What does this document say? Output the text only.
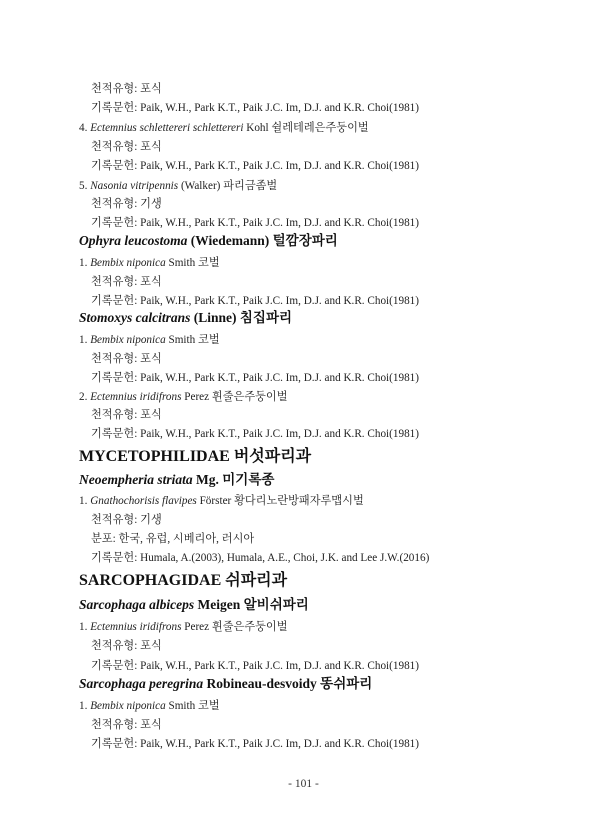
천적유형: 포식
기록문헌: Paik, W.H., Park K.T., Paik J.C. Im, D.J. and K.R. Choi(1981)
4. Ectemnius schlettereri schlettereri Kohl 쉴레테레은주둥이벌
천적유형: 포식
기록문헌: Paik, W.H., Park K.T., Paik J.C. Im, D.J. and K.R. Choi(1981)
5. Nasonia vitripennis (Walker) 파리금좀벌
천적유형: 기생
기록문헌: Paik, W.H., Park K.T., Paik J.C. Im, D.J. and K.R. Choi(1981)
Ophyra leucostoma (Wiedemann) 털깜장파리
1. Bembix niponica Smith 코벌
천적유형: 포식
기록문헌: Paik, W.H., Park K.T., Paik J.C. Im, D.J. and K.R. Choi(1981)
Stomoxys calcitrans (Linne) 침집파리
1. Bembix niponica Smith 코벌
천적유형: 포식
기록문헌: Paik, W.H., Park K.T., Paik J.C. Im, D.J. and K.R. Choi(1981)
2. Ectemnius iridifrons Perez 휜줄은주둥이벌
천적유형: 포식
기록문헌: Paik, W.H., Park K.T., Paik J.C. Im, D.J. and K.R. Choi(1981)
MYCETOPHILIDAE 버섯파리과
Neoempheria striata Mg. 미기록종
1. Gnathochorisis flavipes Förster 황다리노란방패자루맵시벌
천적유형: 기생
분포: 한국, 유럽, 시베리아, 러시아
기록문헌: Humala, A.(2003), Humala, A.E., Choi, J.K. and Lee J.W.(2016)
SARCOPHAGIDAE 쉬파리과
Sarcophaga albiceps Meigen 알비쉬파리
1. Ectemnius iridifrons Perez 휜줄은주둥이벌
천적유형: 포식
기록문헌: Paik, W.H., Park K.T., Paik J.C. Im, D.J. and K.R. Choi(1981)
Sarcophaga peregrina Robineau-desvoidy 똥쉬파리
1. Bembix niponica Smith 코벌
천적유형: 포식
기록문헌: Paik, W.H., Park K.T., Paik J.C. Im, D.J. and K.R. Choi(1981)
- 101 -
